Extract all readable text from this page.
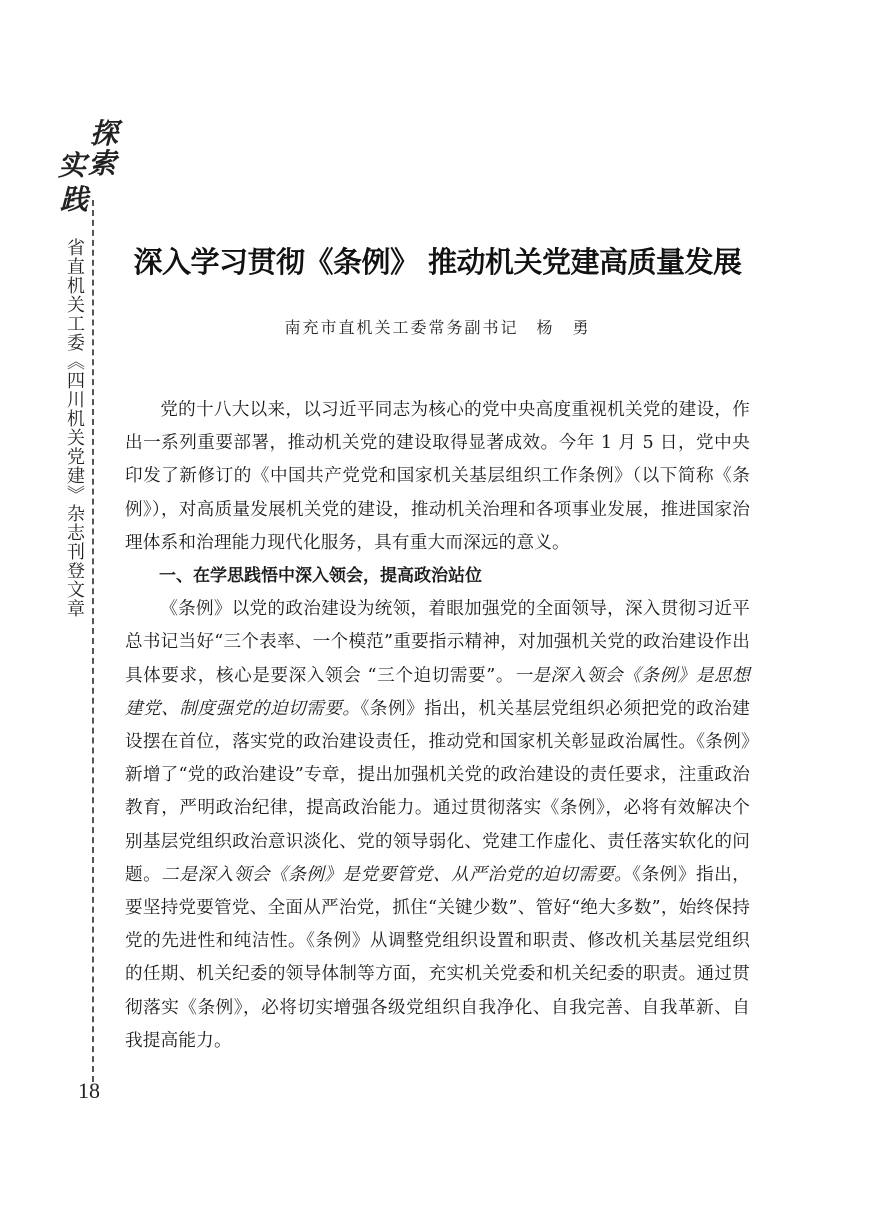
探
索
实
践
省直机关工委《四川机关党建》杂志刊登文章
18
深入学习贯彻《条例》 推动机关党建高质量发展
南充市直机关工委常务副书记　杨　勇

党的十八大以来，以习近平同志为核心的党中央高度重视机关党的建设，作出一系列重要部署，推动机关党的建设取得显著成效。今年 1 月 5 日，党中央印发了新修订的《中国共产党党和国家机关基层组织工作条例》（以下简称《条例》），对高质量发展机关党的建设，推动机关治理和各项事业发展，推进国家治理体系和治理能力现代化服务，具有重大而深远的意义。

一、在学思践悟中深入领会，提高政治站位

《条例》以党的政治建设为统领，着眼加强党的全面领导，深入贯彻习近平总书记当好“三个表率、一个模范”重要指示精神，对加强机关党的政治建设作出具体要求，核心是要深入领会 “三个迫切需要”。一是深入领会《条例》是思想建党、制度强党的迫切需要。《条例》指出，机关基层党组织必须把党的政治建设摆在首位，落实党的政治建设责任，推动党和国家机关彰显政治属性。《条例》新增了“党的政治建设”专章，提出加强机关党的政治建设的责任要求，注重政治教育，严明政治纪律，提高政治能力。通过贯彻落实《条例》，必将有效解决个别基层党组织政治意识淡化、党的领导弱化、党建工作虚化、责任落实软化的问题。二是深入领会《条例》是党要管党、从严治党的迫切需要。《条例》指出，要坚持党要管党、全面从严治党，抓住“关键少数”、管好“绝大多数”，始终保持党的先进性和纯洁性。《条例》从调整党组织设置和职责、修改机关基层党组织的任期、机关纪委的领导体制等方面，充实机关党委和机关纪委的职责。通过贯彻落实《条例》，必将切实增强各级党组织自我净化、自我完善、自我革新、自我提高能力。
